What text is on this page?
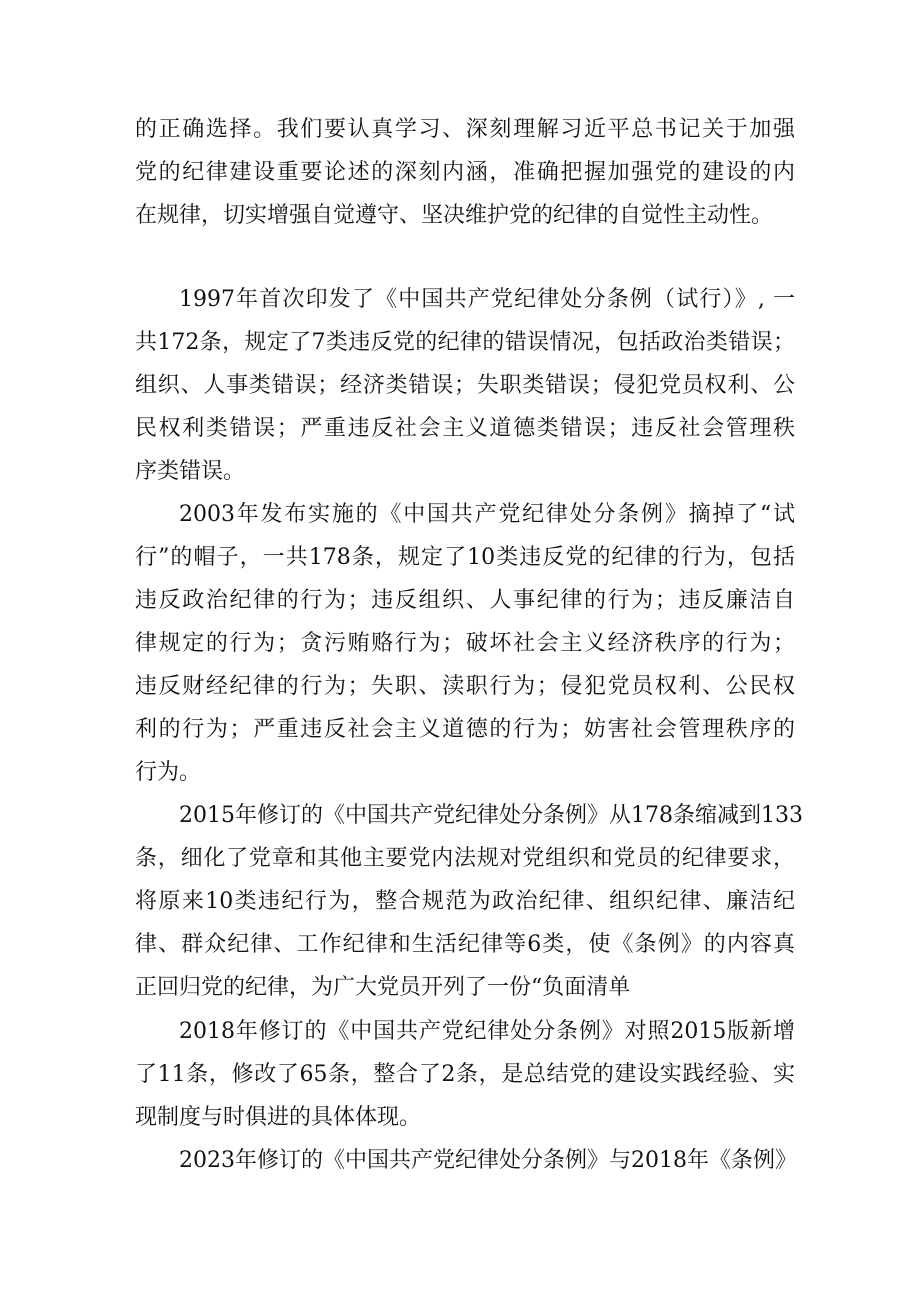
的正确选择。我们要认真学习、深刻理解习近平总书记关于加强
党的纪律建设重要论述的深刻内涵，准确把握加强党的建设的内
在规律，切实增强自觉遵守、坚决维护党的纪律的自觉性主动性。
1997年首次印发了《中国共产党纪律处分条例（试行）》, 一
共172条，规定了7类违反党的纪律的错误情况，包括政治类错误；
组织、人事类错误；经济类错误；失职类错误；侵犯党员权利、公
民权利类错误；严重违反社会主义道德类错误；违反社会管理秩
序类错误。
2003年发布实施的《中国共产党纪律处分条例》摘掉了“试
行”的帽子，一共178条，规定了10类违反党的纪律的行为，包括
违反政治纪律的行为；违反组织、人事纪律的行为；违反廉洁自
律规定的行为；贪污贿赂行为；破坏社会主义经济秩序的行为；
违反财经纪律的行为；失职、渎职行为；侵犯党员权利、公民权
利的行为；严重违反社会主义道德的行为；妨害社会管理秩序的
行为。
2015年修订的《中国共产党纪律处分条例》从178条缩减到133
条，细化了党章和其他主要党内法规对党组织和党员的纪律要求，
将原来10类违纪行为，整合规范为政治纪律、组织纪律、廉洁纪
律、群众纪律、工作纪律和生活纪律等6类，使《条例》的内容真
正回归党的纪律，为广大党员开列了一份“负面清单
2018年修订的《中国共产党纪律处分条例》对照2015版新增
了11条，修改了65条，整合了2条，是总结党的建设实践经验、实
现制度与时俱进的具体体现。
2023年修订的《中国共产党纪律处分条例》与2018年《条例》
